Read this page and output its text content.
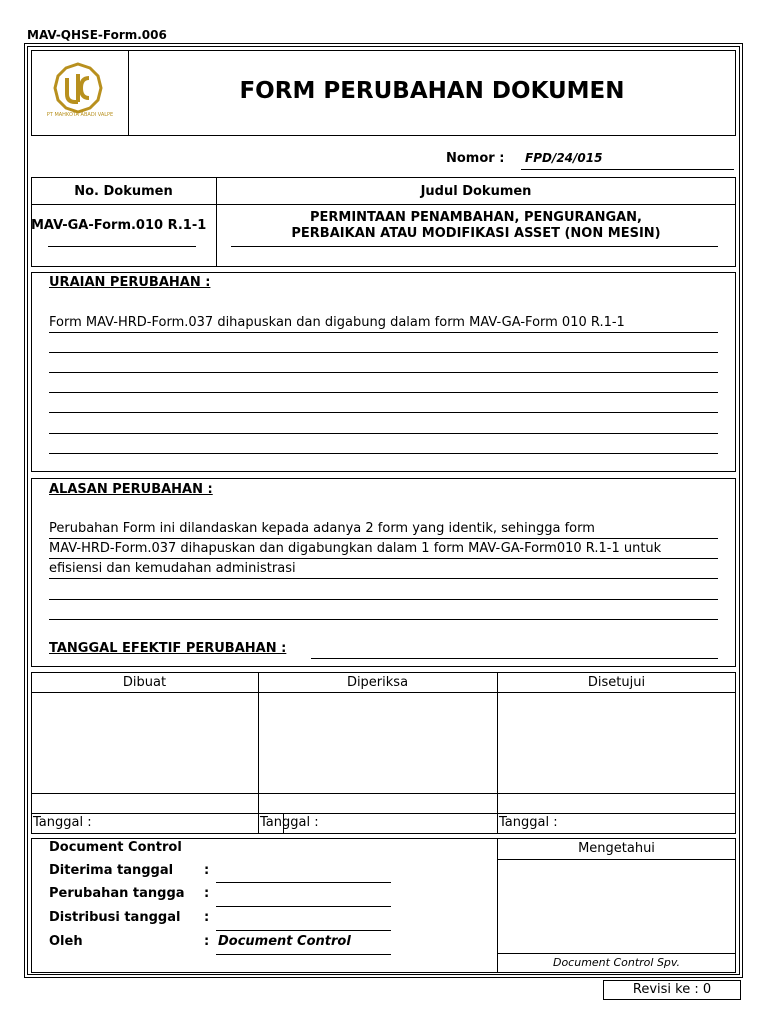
MAV-QHSE-Form.006
PT MAHKOTA ABADI VALPE
FORM PERUBAHAN DOKUMEN
Nomor : FPD/24/015
No. Dokumen	Judul Dokumen
MAV-GA-Form.010 R.1-1
PERMINTAAN PENAMBAHAN, PENGURANGAN,
PERBAIKAN ATAU MODIFIKASI ASSET (NON MESIN)
URAIAN PERUBAHAN :
Form MAV-HRD-Form.037 dihapuskan dan digabung dalam form MAV-GA-Form 010 R.1-1
ALASAN PERUBAHAN :
Perubahan Form ini dilandaskan kepada adanya 2 form yang identik, sehingga form
MAV-HRD-Form.037 dihapuskan dan digabungkan dalam 1 form MAV-GA-Form010 R.1-1 untuk
efisiensi dan kemudahan administrasi
TANGGAL EFEKTIF PERUBAHAN :
Dibuat	Diperiksa	Disetujui
Tanggal :	Tanggal :	Tanggal :
Document Control
Diterima tanggal :
Perubahan tangga :
Distribusi tanggal :
Oleh	: Document Control
Mengetahui
Document Control Spv.
Revisi ke : 0
